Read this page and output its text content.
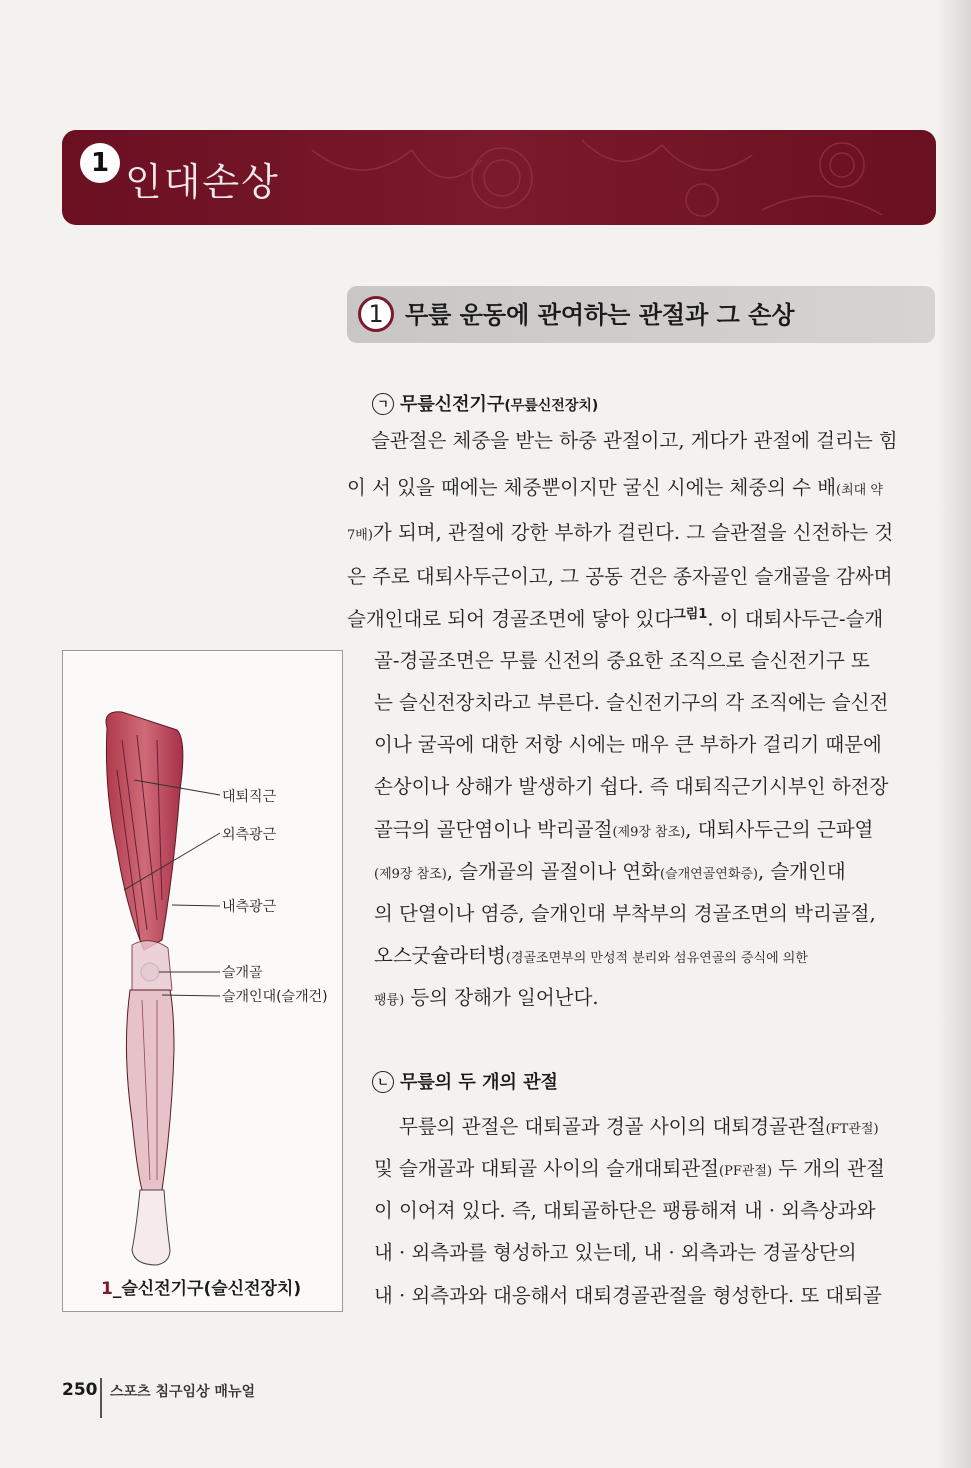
1 인대손상
1 무릎 운동에 관여하는 관절과 그 손상
ㄱ 무릎신전기구(무릎신전장치)
슬관절은 체중을 받는 하중 관절이고, 게다가 관절에 걸리는 힘
이 서 있을 때에는 체중뿐이지만 굴신 시에는 체중의 수 배(최대 약
7배)가 되며, 관절에 강한 부하가 걸린다. 그 슬관절을 신전하는 것
은 주로 대퇴사두근이고, 그 공동 건은 종자골인 슬개골을 감싸며
슬개인대로 되어 경골조면에 닿아 있다$^{그림1}$. 이 대퇴사두근-슬개
골-경골조면은 무릎 신전의 중요한 조직으로 슬신전기구 또
는 슬신전장치라고 부른다. 슬신전기구의 각 조직에는 슬신전
이나 굴곡에 대한 저항 시에는 매우 큰 부하가 걸리기 때문에
손상이나 상해가 발생하기 쉽다. 즉 대퇴직근기시부인 하전장
골극의 골단염이나 박리골절(제9장 참조), 대퇴사두근의 근파열
(제9장 참조), 슬개골의 골절이나 연화(슬개연골연화증), 슬개인대
의 단열이나 염증, 슬개인대 부착부의 경골조면의 박리골절,
오스굿슐라터병(경골조면부의 만성적 분리와 섬유연골의 증식에 의한
팽륭) 등의 장해가 일어난다.
ㄴ 무릎의 두 개의 관절
무릎의 관절은 대퇴골과 경골 사이의 대퇴경골관절(FT관절)
및 슬개골과 대퇴골 사이의 슬개대퇴관절(PF관절) 두 개의 관절
이 이어져 있다. 즉, 대퇴골하단은 팽륭해져 내 · 외측상과와
내 · 외측과를 형성하고 있는데, 내 · 외측과는 경골상단의
내 · 외측과와 대응해서 대퇴경골관절을 형성한다. 또 대퇴골
대퇴직근
외측광근
내측광근
슬개골
슬개인대(슬개건)
1_슬신전기구(슬신전장치)
250 스포츠 침구임상 매뉴얼
